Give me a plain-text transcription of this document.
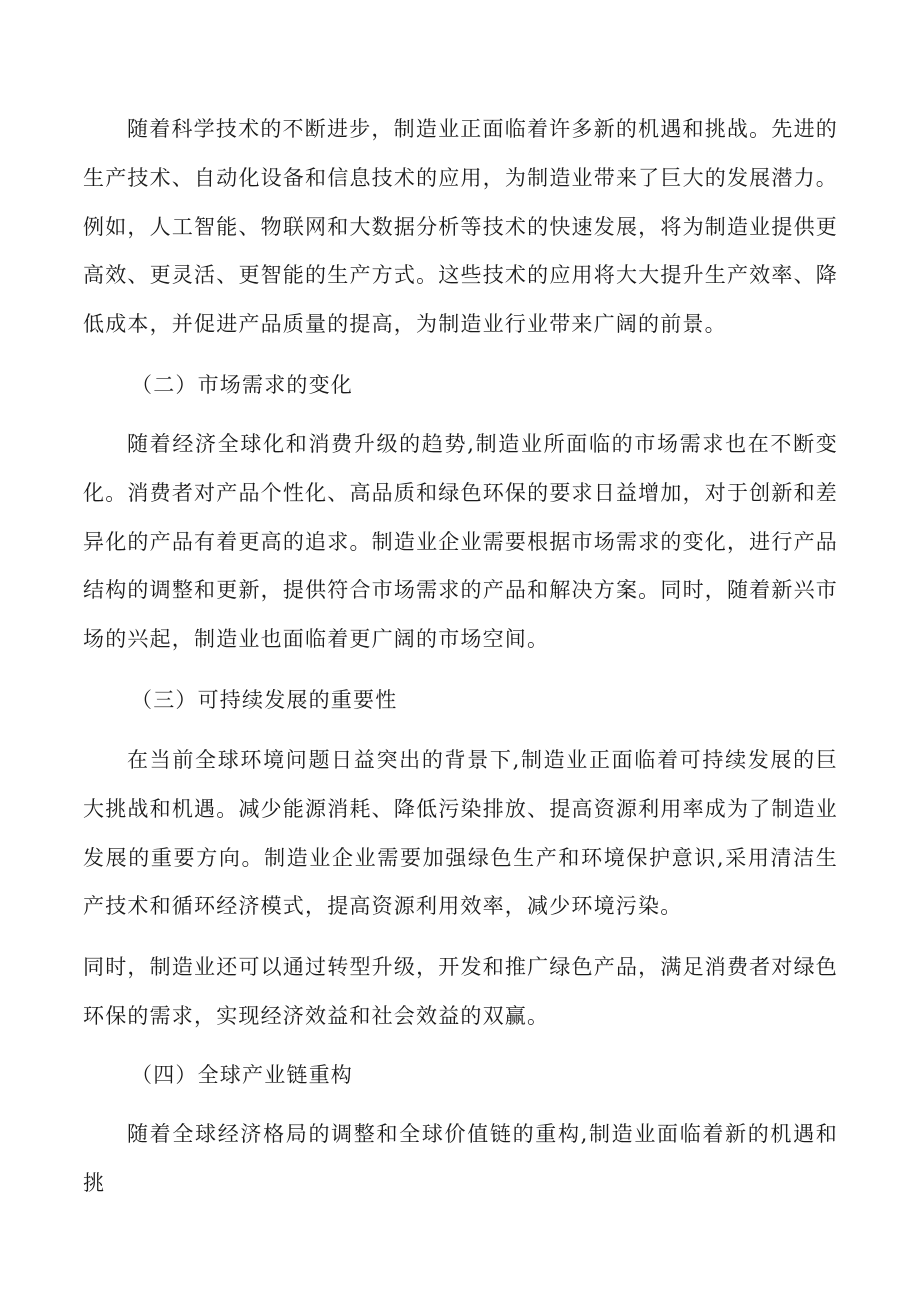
随着科学技术的不断进步，制造业正面临着许多新的机遇和挑战。先进的生产技术、自动化设备和信息技术的应用，为制造业带来了巨大的发展潜力。例如，人工智能、物联网和大数据分析等技术的快速发展，将为制造业提供更高效、更灵活、更智能的生产方式。这些技术的应用将大大提升生产效率、降低成本，并促进产品质量的提高，为制造业行业带来广阔的前景。

（二）市场需求的变化

随着经济全球化和消费升级的趋势,制造业所面临的市场需求也在不断变化。消费者对产品个性化、高品质和绿色环保的要求日益增加，对于创新和差异化的产品有着更高的追求。制造业企业需要根据市场需求的变化，进行产品结构的调整和更新，提供符合市场需求的产品和解决方案。同时，随着新兴市场的兴起，制造业也面临着更广阔的市场空间。

（三）可持续发展的重要性

在当前全球环境问题日益突出的背景下,制造业正面临着可持续发展的巨大挑战和机遇。减少能源消耗、降低污染排放、提高资源利用率成为了制造业发展的重要方向。制造业企业需要加强绿色生产和环境保护意识,采用清洁生产技术和循环经济模式，提高资源利用效率，减少环境污染。

同时，制造业还可以通过转型升级，开发和推广绿色产品，满足消费者对绿色环保的需求，实现经济效益和社会效益的双赢。

（四）全球产业链重构

随着全球经济格局的调整和全球价值链的重构,制造业面临着新的机遇和挑
